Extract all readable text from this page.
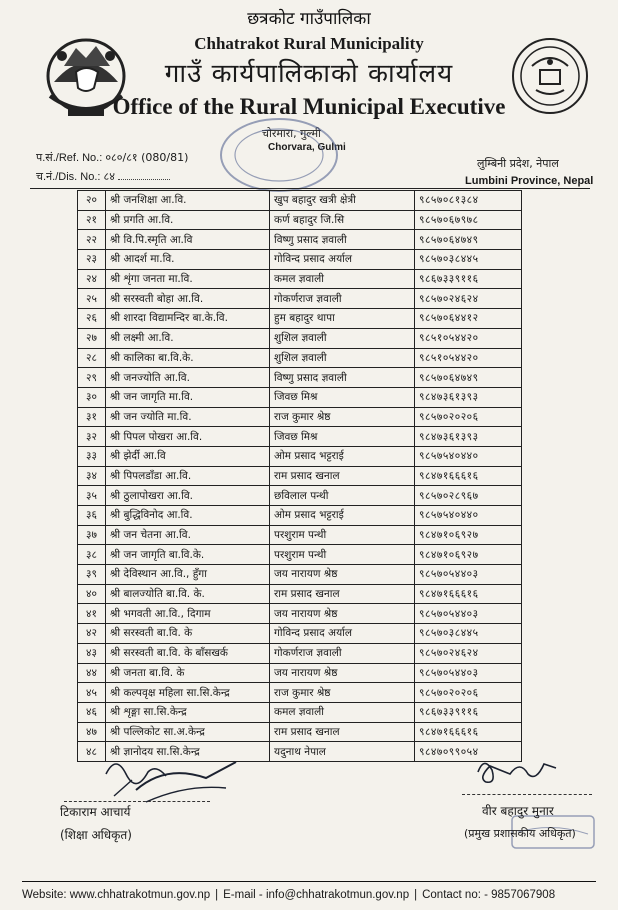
छत्रकोट गाउँपालिका
Chhatrakot Rural Municipality
गाउँ कार्यपालिकाको कार्यालय
Office of the Rural Municipal Executive
चोरमारा, गुल्मी
Chorvara, Gulmi
प.सं./Ref. No.: ०८०/८१ (080/81)
च.नं./Dis. No.: ८४
लुम्बिनी प्रदेश, नेपाल
Lumbini Province, Nepal
२०	श्री जनशिक्षा आ.वि.	खुप बहादुर खत्री क्षेत्री	९८५७०८१३८४
२१	श्री प्रगति आ.वि.	कर्ण बहादुर जि.सि	९८५७०६७९७८
२२	श्री वि.पि.स्मृति आ.वि	विष्णु प्रसाद ज्ञवाली	९८५७०६४७४९
२३	श्री आदर्श मा.वि.	गोविन्द प्रसाद अर्याल	९८५७०३८४४५
२४	श्री शृंगा जनता मा.वि.	कमल ज्ञवाली	९८६७३३९११६
२५	श्री सरस्वती बोहा आ.वि.	गोकर्णराज ज्ञवाली	९८५७०२४६२४
२६	श्री शारदा विद्यामन्दिर बा.के.वि.	हुम बहादुर थापा	९८५७०६४४१२
२७	श्री लक्ष्मी आ.वि.	शुशिल ज्ञवाली	९८५१०५४४२०
२८	श्री कालिका बा.वि.के.	शुशिल ज्ञवाली	९८५१०५४४२०
२९	श्री जनज्योति आ.वि.	विष्णु प्रसाद ज्ञवाली	९८५७०६४७४९
३०	श्री जन जागृति मा.वि.	जिवछ मिश्र	९८४७३६१३९३
३१	श्री जन ज्योति मा.वि.	राज कुमार श्रेष्ठ	९८५७०२०२०६
३२	श्री पिपल पोखरा आ.वि.	जिवछ मिश्र	९८४७३६१३९३
३३	श्री झेर्दी आ.वि	ओम प्रसाद भट्टराई	९८५७५४०४४०
३४	श्री पिपलडाँडा आ.वि.	राम प्रसाद खनाल	९८४७१६६६१६
३५	श्री ठुलापोखरा आ.वि.	छविलाल पन्थी	९८५७०२८९६७
३६	श्री बुद्धिविनोद आ.वि.	ओम प्रसाद भट्टराई	९८५७५४०४४०
३७	श्री जन चेतना आ.वि.	परशुराम पन्थी	९८४७१०६९२७
३८	श्री जन जागृति बा.वि.के.	परशुराम पन्थी	९८४७१०६९२७
३९	श्री देविस्थान आ.वि., हुँगा	जय नारायण श्रेष्ठ	९८५७०५४४०३
४०	श्री बालज्योति बा.वि. के.	राम प्रसाद खनाल	९८४७१६६६१६
४१	श्री भगवती आ.वि., दिगाम	जय नारायण श्रेष्ठ	९८५७०५४४०३
४२	श्री सरस्वती बा.वि. के	गोविन्द प्रसाद अर्याल	९८५७०३८४४५
४३	श्री सरस्वती बा.वि. के बाँसखर्क	गोकर्णराज ज्ञवाली	९८५७०२४६२४
४४	श्री जनता बा.वि. के	जय नारायण श्रेष्ठ	९८५७०५४४०३
४५	श्री कल्पवृक्ष महिला सा.सि.केन्द्र	राज कुमार श्रेष्ठ	९८५७०२०२०६
४६	श्री शृङ्गा सा.सि.केन्द्र	कमल ज्ञवाली	९८६७३३९११६
४७	श्री पल्लिकोट सा.अ.केन्द्र	राम प्रसाद खनाल	९८४७१६६६१६
४८	श्री ज्ञानोदय सा.सि.केन्द्र	यदुनाथ नेपाल	९८४७०९९०५४
टिकाराम आचार्य
(शिक्षा अधिकृत)
वीर बहादुर मुनार
(प्रमुख प्रशासकीय अधिकृत)
Website: www.chhatrakotmun.gov.np | E-mail - info@chhatrakotmun.gov.np | Contact no: - 9857067908
